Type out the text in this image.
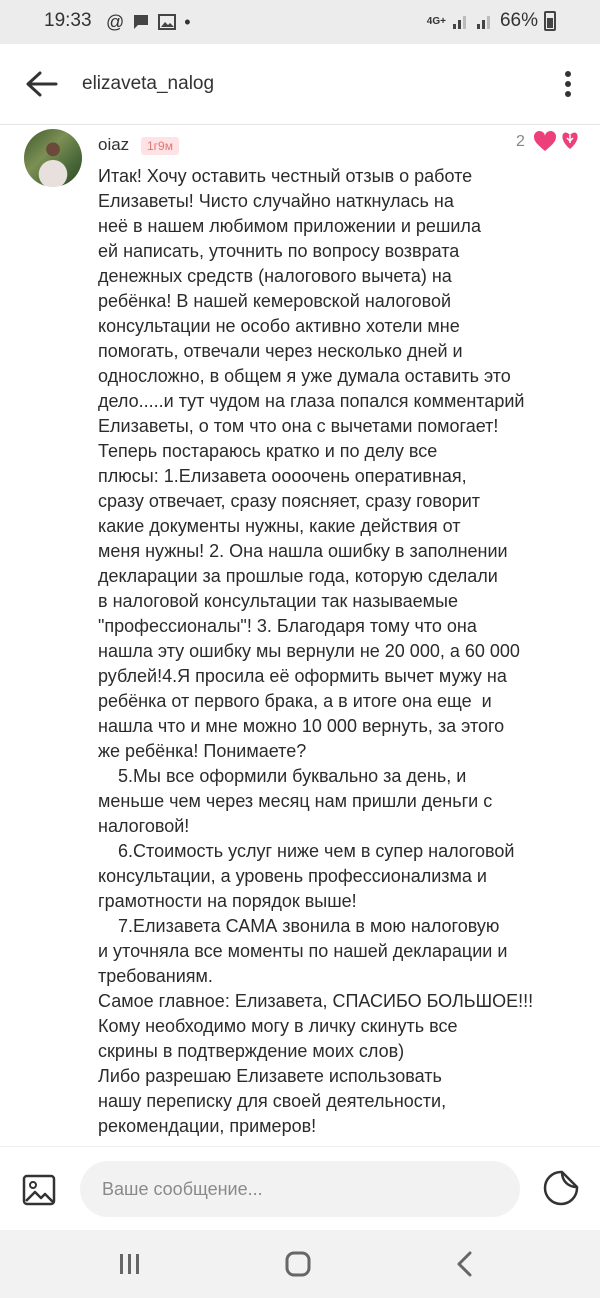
19:33 @	•	4G+	66%
elizaveta_nalog
oiaz	1г9м	2
Итак! Хочу оставить честный отзыв о работе
Елизаветы! Чисто случайно наткнулась на
неё в нашем любимом приложении и решила
ей написать, уточнить по вопросу возврата
денежных средств (налогового вычета) на
ребёнка! В нашей кемеровской налоговой
консультации не особо активно хотели мне
помогать, отвечали через несколько дней и
односложно, в общем я уже думала оставить это
дело.....и тут чудом на глаза попался комментарий
Елизаветы, о том что она с вычетами помогает!
Теперь постараюсь кратко и по делу все
плюсы: 1.Елизавета оооочень оперативная,
сразу отвечает, сразу поясняет, сразу говорит
какие документы нужны, какие действия от
меня нужны! 2. Она нашла ошибку в заполнении
декларации за прошлые года, которую сделали
в налоговой консультации так называемые
"профессионалы"! 3. Благодаря тому что она
нашла эту ошибку мы вернули не 20 000, а 60 000
рублей!4.Я просила её оформить вычет мужу на
ребёнка от первого брака, а в итоге она еще  и
нашла что и мне можно 10 000 вернуть, за этого
же ребёнка! Понимаете?
5.Мы все оформили буквально за день, и
меньше чем через месяц нам пришли деньги с
налоговой!
6.Стоимость услуг ниже чем в супер налоговой
консультации, а уровень профессионализма и
грамотности на порядок выше!
7.Елизавета САМА звонила в мою налоговую
и уточняла все моменты по нашей декларации и
требованиям.
Самое главное: Елизавета, СПАСИБО БОЛЬШОЕ!!!
Кому необходимо могу в личку скинуть все
скрины в подтверждение моих слов)
Либо разрешаю Елизавете использовать
нашу переписку для своей деятельности,
рекомендации, примеров!
Ваше сообщение...
